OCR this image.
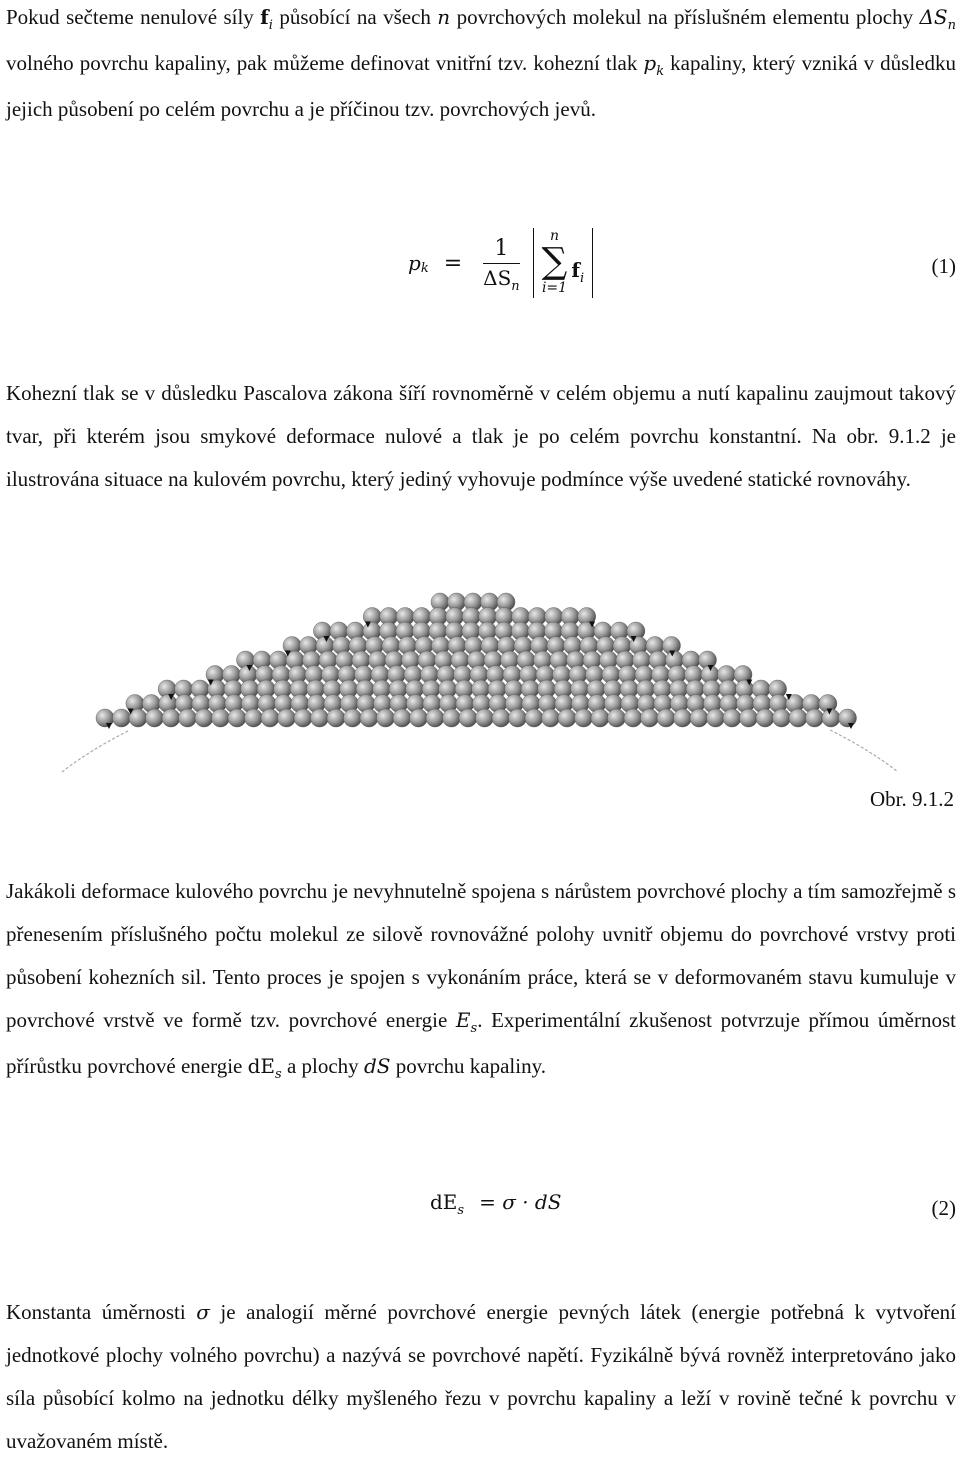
Pokud sečteme nenulové síly $f_i$ působící na všech n povrchových molekul na příslušném elementu plochy $\Delta S_n$ volného povrchu kapaliny, pak můžeme definovat vnitřní tzv. kohezní tlak $p_k$ kapaliny, který vzniká v důsledku jejich působení po celém povrchu a je příčinou tzv. povrchových jevů.

$p_k = \frac{1}{\Delta S_n}$
	n
∑
i=1
$f_i$
(1)

Kohezní tlak se v důsledku Pascalova zákona šíří rovnoměrně v celém objemu a nutí kapalinu zaujmout takový tvar, při kterém jsou smykové deformace nulové a tlak je po celém povrchu konstantní. Na obr. 9.1.2 je ilustrována situace na kulovém povrchu, který jediný vyhovuje podmínce výše uvedené statické rovnováhy.

Obr. 9.1.2

Jakákoli deformace kulového povrchu je nevyhnutelně spojena s nárůstem povrchové plochy a tím samozřejmě s přenesením příslušného počtu molekul ze silově rovnovážné polohy uvnitř objemu do povrchové vrstvy proti působení kohezních sil. Tento proces je spojen s vykonáním práce, která se v deformovaném stavu kumuluje v povrchové vrstvě ve formě tzv. povrchové energie $E_s$. Experimentální zkušenost potvrzuje přímou úměrnost přírůstku povrchové energie $dE_s$ a plochy dS povrchu kapaliny.

$dE_s = \sigma$ · dS	(2)

Konstanta úměrnosti σ je analogií měrné povrchové energie pevných látek (energie potřebná k vytvoření jednotkové plochy volného povrchu) a nazývá se povrchové napětí. Fyzikálně bývá rovněž interpretováno jako síla působící kolmo na jednotku délky myšleného řezu v povrchu kapaliny a leží v rovině tečné k povrchu v uvažovaném místě.
